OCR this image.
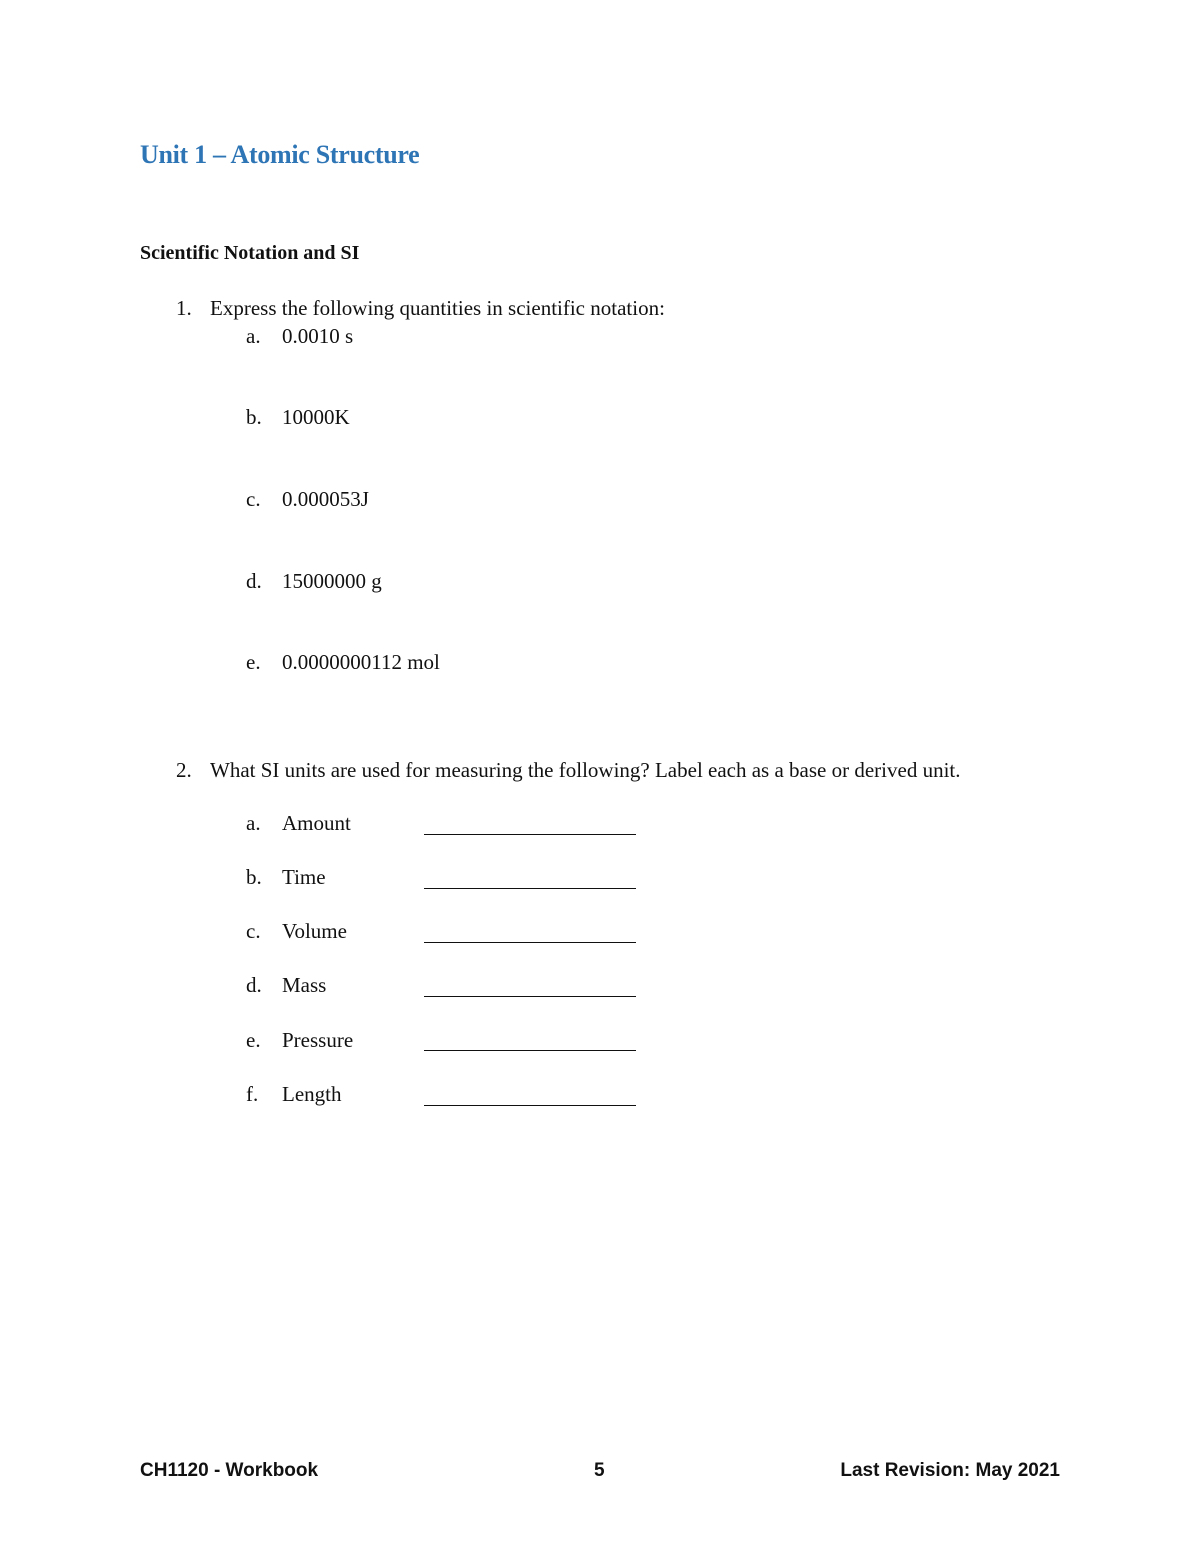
Unit 1 – Atomic Structure
Scientific Notation and SI
1. Express the following quantities in scientific notation:
a. 0.0010 s
b. 10000K
c. 0.000053J
d. 15000000 g
e. 0.0000000112 mol
2. What SI units are used for measuring the following? Label each as a base or derived unit.
a. Amount
b. Time
c. Volume
d. Mass
e. Pressure
f. Length
CH1120 - Workbook	5	Last Revision: May 2021
